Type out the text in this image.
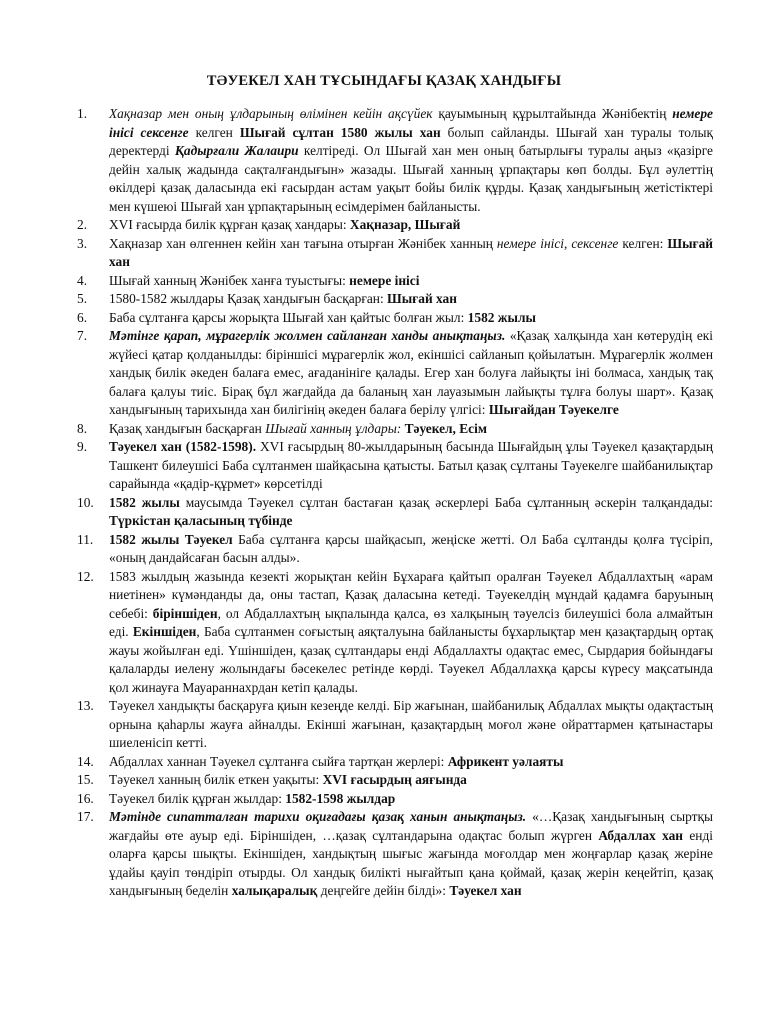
ТӘУЕКЕЛ ХАН ТҰСЫНДАҒЫ ҚАЗАҚ ХАНДЫҒЫ
1.	Хақназар мен оның ұлдарының өлімінен кейін ақсүйек қауымының құрылтайында Жәнібектің немере інісі сексенге келген Шығай сұлтан 1580 жылы хан болып сайланды. Шығай хан туралы толық деректерді Қадырғали Жалаири келтіреді. Ол Шығай хан мен оның батырлығы туралы аңыз «қазірге дейін халық жадында сақталғандығын» жазады. Шығай ханның ұрпақтары көп болды. Бұл әулеттің өкілдері қазақ даласында екі ғасырдан астам уақыт бойы билік құрды. Қазақ хандығының жетістіктері мен күшеюі Шығай хан ұрпақтарының есімдерімен байланысты.
2.	XVI ғасырда билік құрған қазақ хандары: Хақназар, Шығай
3.	Хақназар хан өлгеннен кейін хан тағына отырған Жәнібек ханның немере інісі, сексенге келген: Шығай хан
4.	Шығай ханның Жәнібек ханға туыстығы: немере інісі
5.	1580-1582 жылдары Қазақ хандығын басқарған: Шығай хан
6.	Баба сұлтанға қарсы жорықта Шығай хан қайтыс болған жыл: 1582 жылы
7.	Мәтінге қарап, мұрагерлік жолмен сайланған ханды анықтаңыз. «Қазақ халқында хан көтерудің екі жүйесі қатар қолданылды: біріншісі мұрагерлік жол, екіншісі сайланып қойылатын. Мұрагерлік жолмен хандық билік әкеден балаға емес, ағаданініге қалады. Егер хан болуға лайықты іні болмаса, хандық тақ балаға қалуы тиіс. Бірақ бұл жағдайда да баланың хан лауазымын лайықты тұлға болуы шарт». Қазақ хандығының тарихында хан билігінің әкеден балаға берілу үлгісі: Шығайдан Тәуекелге
8.	Қазақ хандығын басқарған Шығай ханның ұлдары: Тәуекел, Есім
9.	Тәуекел хан (1582-1598). XVI ғасырдың 80-жылдарының басында Шығайдың ұлы Тәуекел қазақтардың Ташкент билеушісі Баба сұлтанмен шайқасына қатысты. Батыл қазақ сұлтаны Тәуекелге шайбанилықтар сарайында «қадір-құрмет» көрсетілді
10.	1582 жылы маусымда Тәуекел сұлтан бастаған қазақ әскерлері Баба сұлтанның әскерін талқандады: Түркістан қаласының түбінде
11.	1582 жылы Тәуекел Баба сұлтанға қарсы шайқасып, жеңіске жетті. Ол Баба сұлтанды қолға түсіріп, «оның дандайсаған басын алды».
12.	1583 жылдың жазында кезекті жорықтан кейін Бұхараға қайтып оралған Тәуекел Абдаллахтың «арам ниетінен» күмәнданды да, оны тастап, Қазақ даласына кетеді. Тәуекелдің мұндай қадамға баруының себебі: біріншіден, ол Абдаллахтың ықпалында қалса, өз халқының тәуелсіз билеушісі бола алмайтын еді. Екіншіден, Баба сұлтанмен соғыстың аяқталуына байланысты бұхарлықтар мен қазақтардың ортақ жауы жойылған еді. Үшіншіден, қазақ сұлтандары енді Абдаллахты одақтас емес, Сырдария бойындағы қалаларды иелену жолындағы бәсекелес ретінде көрді. Тәуекел Абдаллахқа қарсы күресу мақсатында қол жинауға Мауараннахрдан кетіп қалады.
13.	Тәуекел хандықты басқаруға қиын кезеңде келді. Бір жағынан, шайбанилық Абдаллах мықты одақтастың орнына қаһарлы жауға айналды. Екінші жағынан, қазақтардың моғол және ойраттармен қатынастары шиеленісіп кетті.
14.	Абдаллах ханнан Тәуекел сұлтанға сыйға тартқан жерлері: Африкент уәлаяты
15.	Тәуекел ханның билік еткен уақыты: XVI ғасырдың аяғында
16.	Тәуекел билік құрған жылдар: 1582-1598 жылдар
17.	Мәтінде сипатталған тарихи оқиғадағы қазақ ханын анықтаңыз. «…Қазақ хандығының сыртқы жағдайы өте ауыр еді. Біріншіден, …қазақ сұлтандарына одақтас болып жүрген Абдаллах хан енді оларға қарсы шықты. Екіншіден, хандықтың шығыс жағында моғолдар мен жоңғарлар қазақ жеріне ұдайы қауіп төндіріп отырды. Ол хандық билікті нығайтып қана қоймай, қазақ жерін кеңейтіп, қазақ хандығының беделін халықаралық деңгейге дейін білді»: Тәуекел хан
